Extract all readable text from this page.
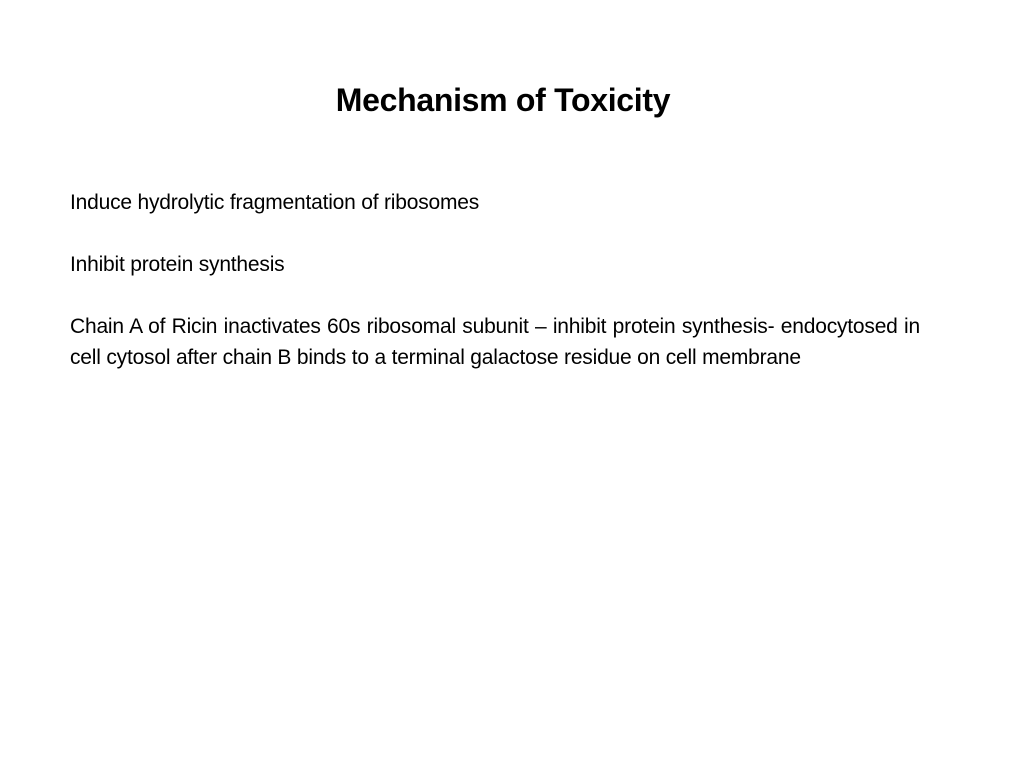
Mechanism of Toxicity

Induce hydrolytic fragmentation of ribosomes

Inhibit protein synthesis

Chain A of Ricin inactivates 60s ribosomal subunit – inhibit protein synthesis- endocytosed in cell cytosol after chain B binds to a terminal galactose residue on cell membrane
